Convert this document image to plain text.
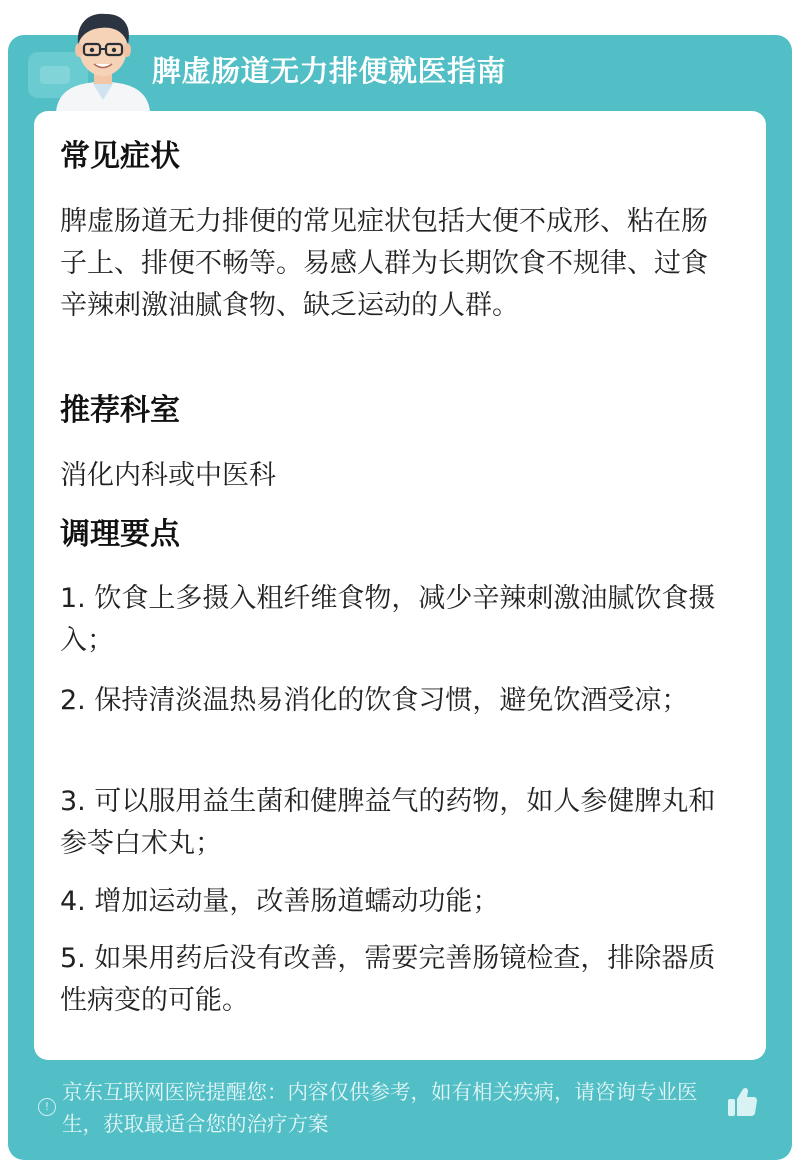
脾虚肠道无力排便就医指南
常见症状

脾虚肠道无力排便的常见症状包括大便不成形、粘在肠子上、排便不畅等。易感人群为长期饮食不规律、过食辛辣刺激油腻食物、缺乏运动的人群。

推荐科室

消化内科或中医科

调理要点

1. 饮食上多摄入粗纤维食物，减少辛辣刺激油腻饮食摄入；

2. 保持清淡温热易消化的饮食习惯，避免饮酒受凉；

3. 可以服用益生菌和健脾益气的药物，如人参健脾丸和参苓白术丸；

4. 增加运动量，改善肠道蠕动功能；

5. 如果用药后没有改善，需要完善肠镜检查，排除器质性病变的可能。

!

京东互联网医院提醒您：内容仅供参考，如有相关疾病，请咨询专业医生，获取最适合您的治疗方案
